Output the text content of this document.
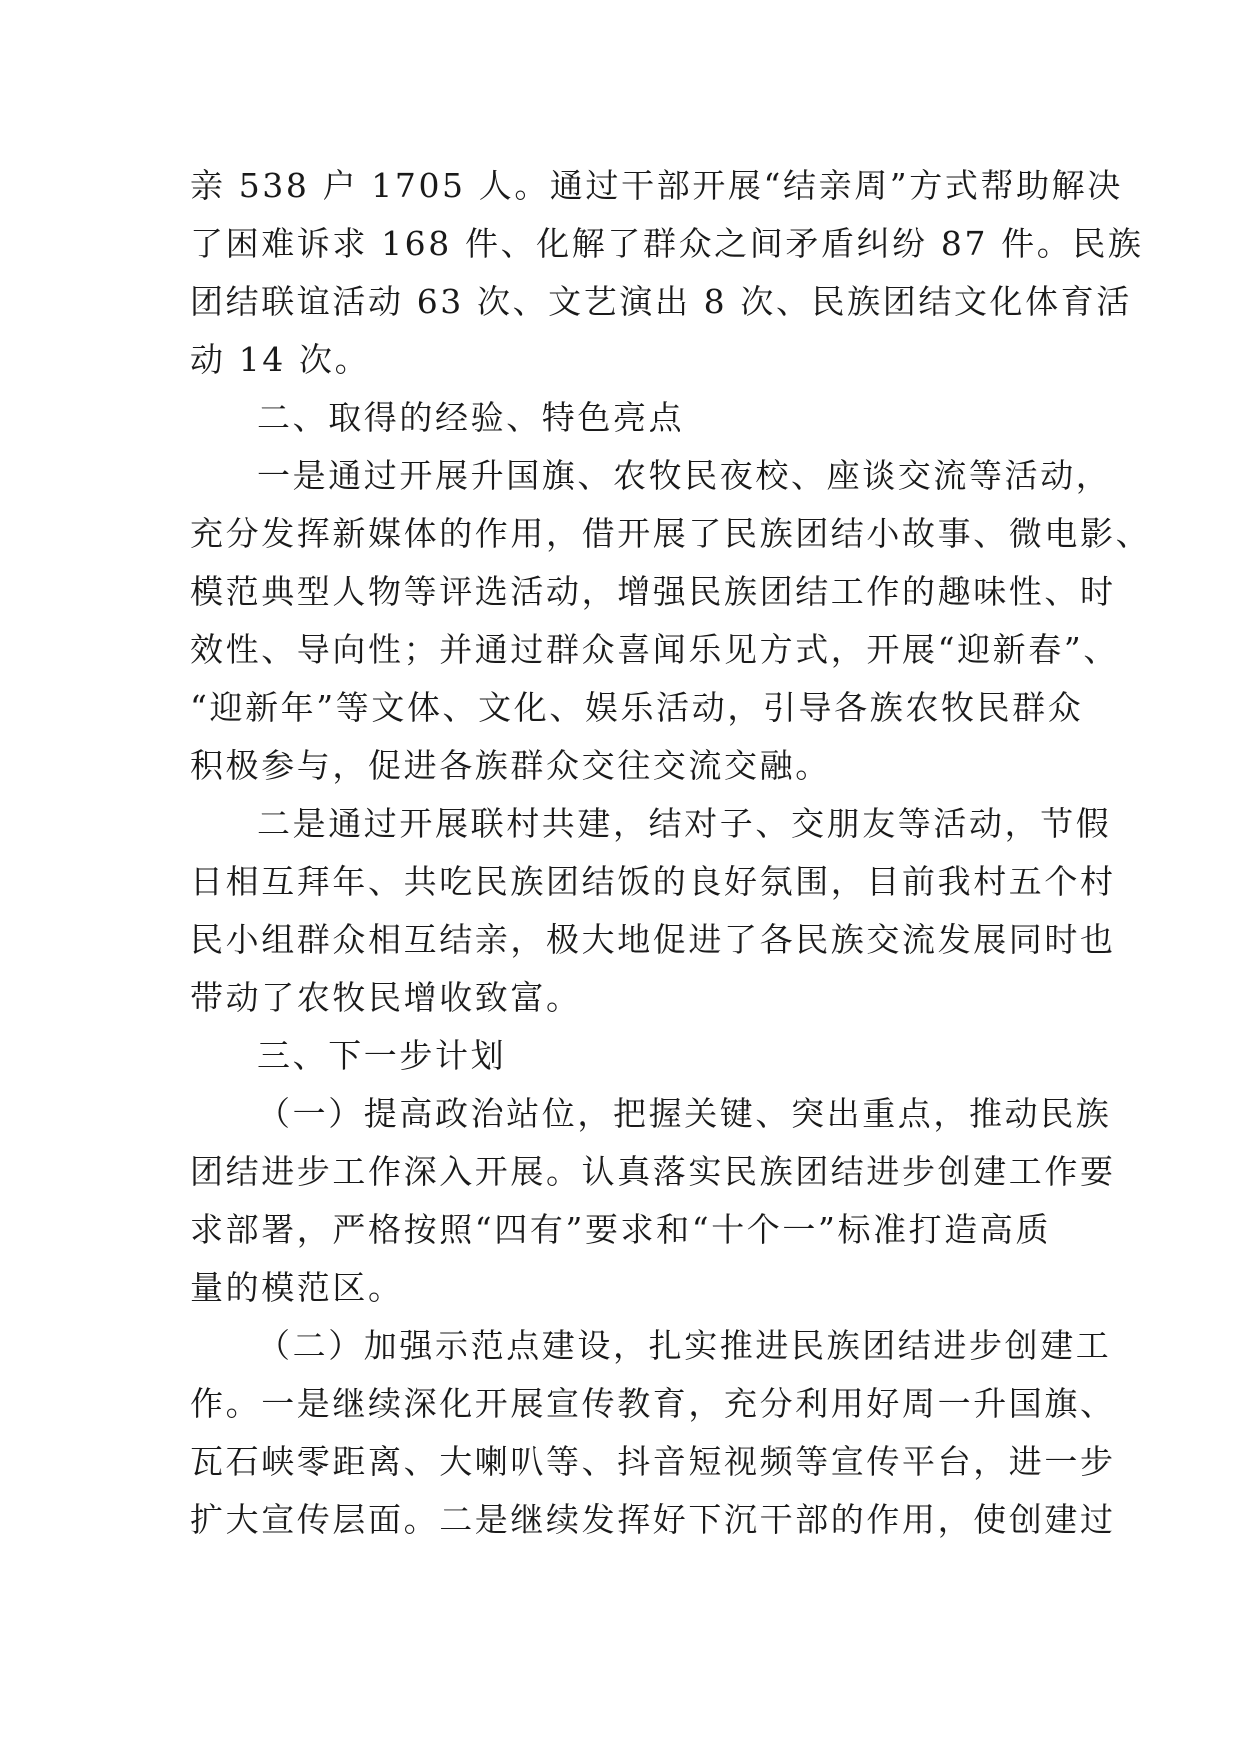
亲 538 户 1705 人。通过干部开展“结亲周”方式帮助解决
了困难诉求 168 件、化解了群众之间矛盾纠纷 87 件。民族
团结联谊活动 63 次、文艺演出 8 次、民族团结文化体育活
动 14 次。
二、取得的经验、特色亮点
一是通过开展升国旗、农牧民夜校、座谈交流等活动，
充分发挥新媒体的作用，借开展了民族团结小故事、微电影、
模范典型人物等评选活动，增强民族团结工作的趣味性、时
效性、导向性；并通过群众喜闻乐见方式，开展“迎新春”、
“迎新年”等文体、文化、娱乐活动，引导各族农牧民群众
积极参与，促进各族群众交往交流交融。
二是通过开展联村共建，结对子、交朋友等活动，节假
日相互拜年、共吃民族团结饭的良好氛围，目前我村五个村
民小组群众相互结亲，极大地促进了各民族交流发展同时也
带动了农牧民增收致富。
三、下一步计划
（一）提高政治站位，把握关键、突出重点，推动民族
团结进步工作深入开展。认真落实民族团结进步创建工作要
求部署，严格按照“四有”要求和“十个一”标准打造高质
量的模范区。
（二）加强示范点建设，扎实推进民族团结进步创建工
作。一是继续深化开展宣传教育，充分利用好周一升国旗、
瓦石峡零距离、大喇叭等、抖音短视频等宣传平台，进一步
扩大宣传层面。二是继续发挥好下沉干部的作用，使创建过
